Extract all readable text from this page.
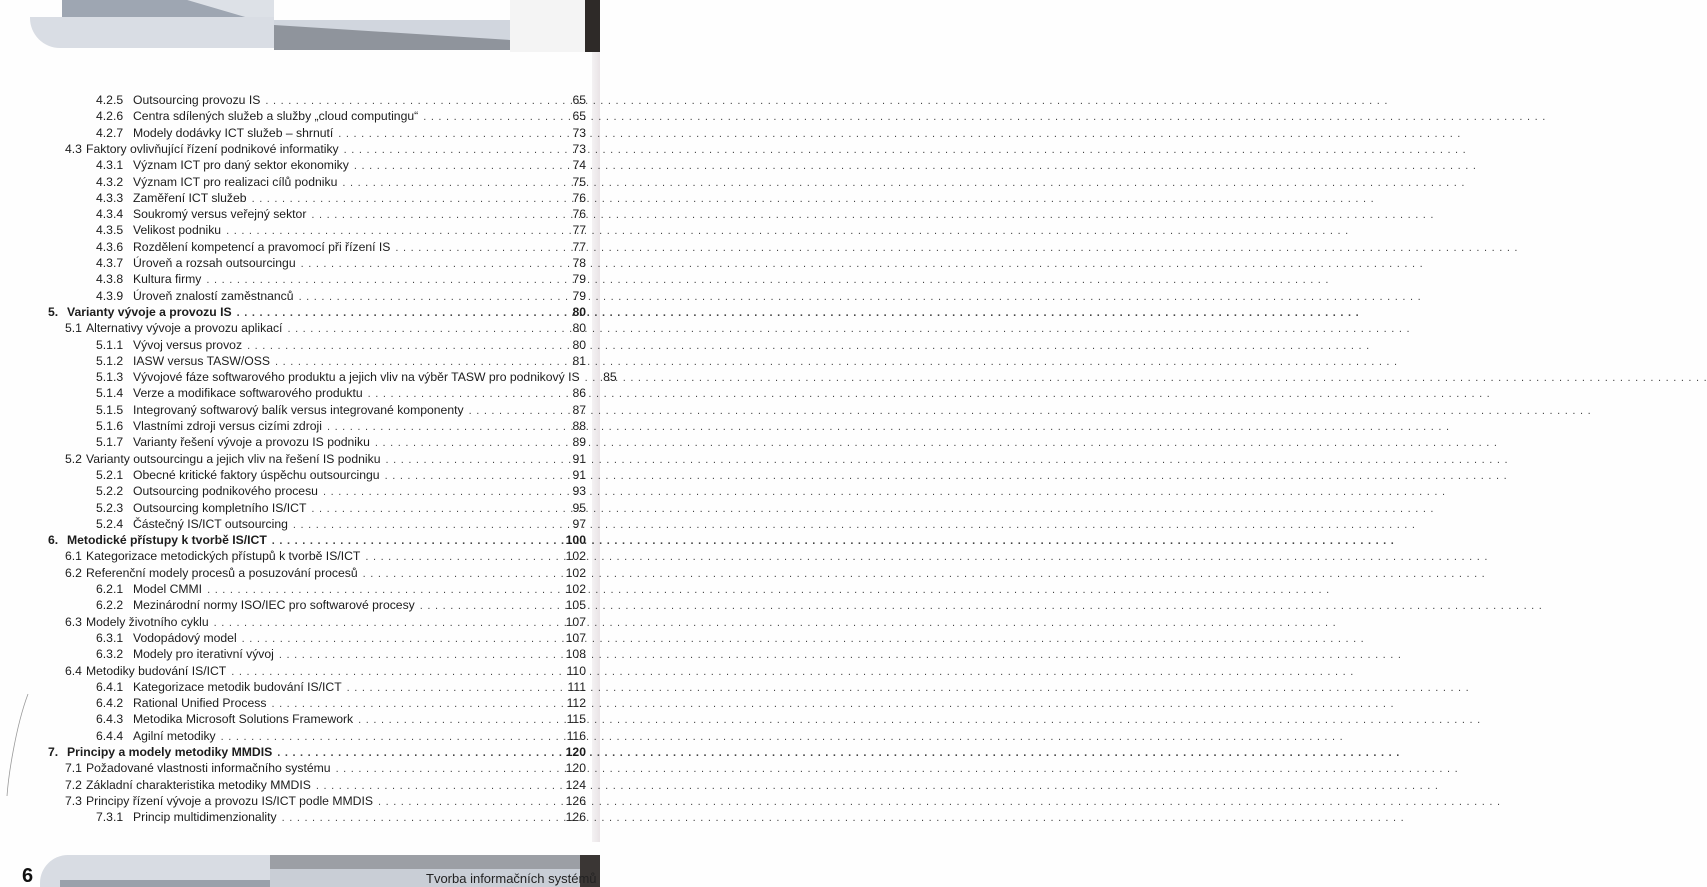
4.2.5 Outsourcing provozu IS . . .	65
4.2.6 Centra sdílených služeb a služby „cloud computingu“ . . .	65
4.2.7 Modely dodávky ICT služeb – shrnutí . . .	73
4.3 Faktory ovlivňující řízení podnikové informatiky . . .	73
4.3.1 Význam ICT pro daný sektor ekonomiky . . .	74
4.3.2 Význam ICT pro realizaci cílů podniku . . .	75
4.3.3 Zaměření ICT služeb . . .	76
4.3.4 Soukromý versus veřejný sektor . . .	76
4.3.5 Velikost podniku . . .	77
4.3.6 Rozdělení kompetencí a pravomocí při řízení IS . . .	77
4.3.7 Úroveň a rozsah outsourcingu . . .	78
4.3.8 Kultura firmy . . .	79
4.3.9 Úroveň znalostí zaměstnanců . . .	79
5. Varianty vývoje a provozu IS . . .	80
5.1 Alternativy vývoje a provozu aplikací . . .	80
5.1.1 Vývoj versus provoz . . .	80
5.1.2 IASW versus TASW/OSS . . .	81
5.1.3 Vývojové fáze softwarového produktu a jejich vliv na výběr TASW pro podnikový IS . . .	85
5.1.4 Verze a modifikace softwarového produktu . . .	86
5.1.5 Integrovaný softwarový balík versus integrované komponenty . . .	87
5.1.6 Vlastními zdroji versus cizími zdroji . . .	88
5.1.7 Varianty řešení vývoje a provozu IS podniku . . .	89
5.2 Varianty outsourcingu a jejich vliv na řešení IS podniku . . .	91
5.2.1 Obecné kritické faktory úspěchu outsourcingu . . .	91
5.2.2 Outsourcing podnikového procesu . . .	93
5.2.3 Outsourcing kompletního IS/ICT . . .	95
5.2.4 Částečný IS/ICT outsourcing . . .	97
6. Metodické přístupy k tvorbě IS/ICT . . .	100
6.1 Kategorizace metodických přístupů k tvorbě IS/ICT . . .	102
6.2 Referenční modely procesů a posuzování procesů . . .	102
6.2.1 Model CMMI . . .	102
6.2.2 Mezinárodní normy ISO/IEC pro softwarové procesy . . .	105
6.3 Modely životního cyklu . . .	107
6.3.1 Vodopádový model . . .	107
6.3.2 Modely pro iterativní vývoj . . .	108
6.4 Metodiky budování IS/ICT . . .	110
6.4.1 Kategorizace metodik budování IS/ICT . . .	111
6.4.2 Rational Unified Process . . .	112
6.4.3 Metodika Microsoft Solutions Framework . . .	115
6.4.4 Agilní metodiky . . .	116
7. Principy a modely metodiky MMDIS . . .	120
7.1 Požadované vlastnosti informačního systému . . .	120
7.2 Základní charakteristika metodiky MMDIS . . .	124
7.3 Principy řízení vývoje a provozu IS/ICT podle MMDIS . . .	126
7.3.1 Princip multidimenzionality . . .	126
6	Tvorba informačních systémů
